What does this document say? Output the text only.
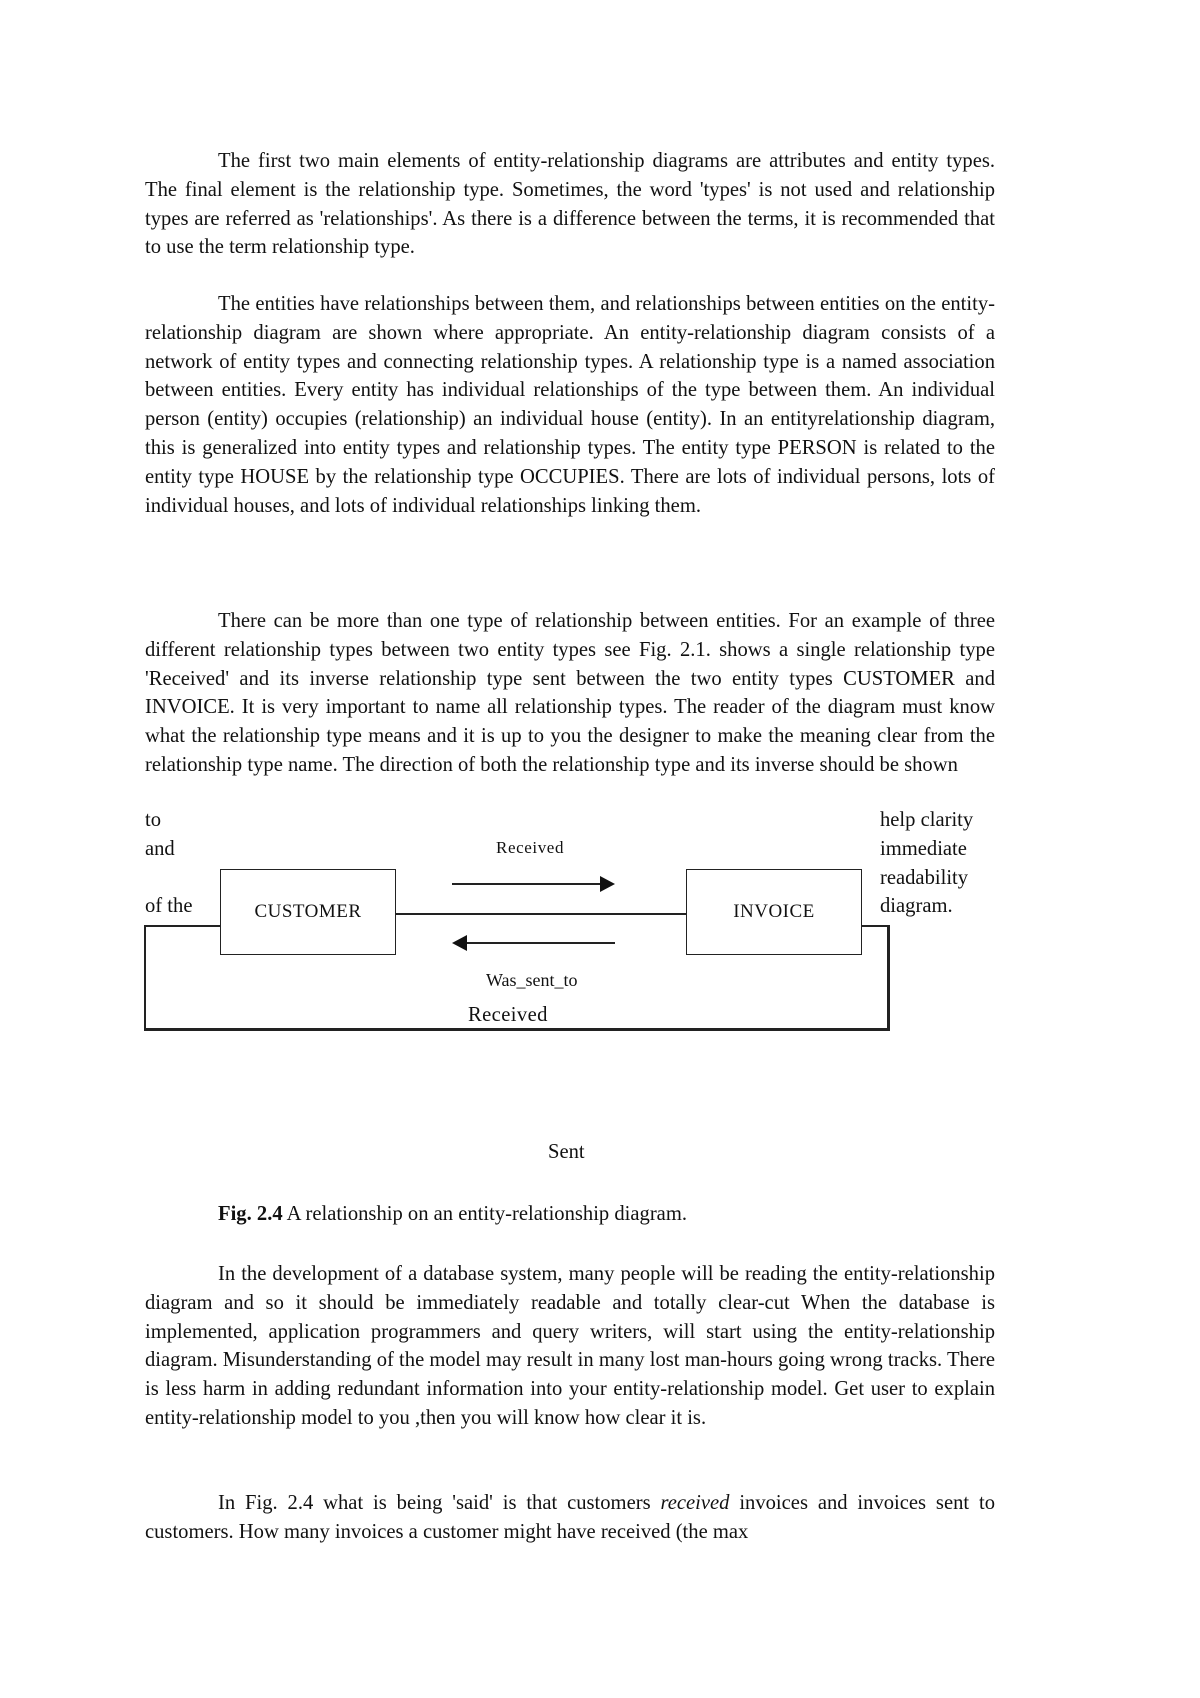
The first two main elements of entity-relationship diagrams are attributes and entity types. The final element is the relationship type. Sometimes, the word 'types' is not used and relationship types are referred as 'relationships'. As there is a difference between the terms, it is recommended that to use the term relationship type.

The entities have relationships between them, and relationships between entities on the entity-relationship diagram are shown where appropriate. An entity-relationship diagram consists of a network of entity types and connecting relationship types. A relationship type is a named association between entities. Every entity has individual relationships of the type between them. An individual person (entity) occupies (relationship) an individual house (entity). In an entityrelationship diagram, this is generalized into entity types and relationship types. The entity type PERSON is related to the entity type HOUSE by the relationship type OCCUPIES. There are lots of individual persons, lots of individual houses, and lots of individual relationships linking them.

There can be more than one type of relationship between entities. For an example of three different relationship types between two entity types see Fig. 2.1. shows a single relationship type 'Received' and its inverse relationship type sent between the two entity types CUSTOMER and INVOICE. It is very important to name all relationship types. The reader of the diagram must know what the relationship type means and it is up to you the designer to make the meaning clear from the relationship type name. The direction of both the relationship type and its inverse should be shown

to
and
of the
help clarity
immediate
readability
diagram.
CUSTOMER	INVOICE
Received
Was_sent_to
Received
Sent
Fig. 2.4 A relationship on an entity-relationship diagram.

In the development of a database system, many people will be reading the entity-relationship diagram and so it should be immediately readable and totally clear-cut When the database is implemented, application programmers and query writers, will start using the entity-relationship diagram. Misunderstanding of the model may result in many lost man-hours going wrong tracks. There is less harm in adding redundant information into your entity-relationship model. Get user to explain entity-relationship model to you ,then you will know how clear it is.

In Fig. 2.4 what is being 'said' is that customers received invoices and invoices sent to customers. How many invoices a customer might have received (the max
